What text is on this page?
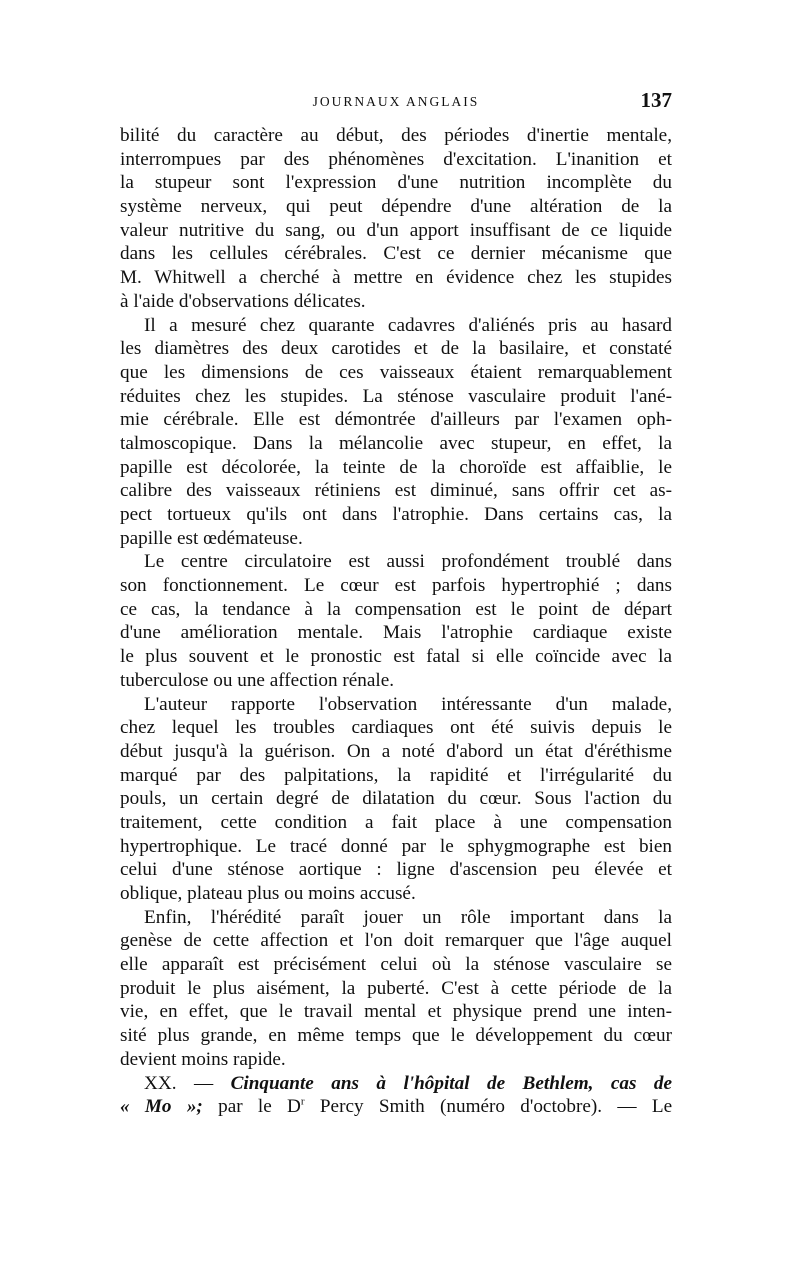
JOURNAUX ANGLAIS	137
bilité du caractère au début, des périodes d'inertie mentale,
interrompues par des phénomènes d'excitation. L'inanition et
la stupeur sont l'expression d'une nutrition incomplète du
système nerveux, qui peut dépendre d'une altération de la
valeur nutritive du sang, ou d'un apport insuffisant de ce liquide
dans les cellules cérébrales. C'est ce dernier mécanisme que
M. Whitwell a cherché à mettre en évidence chez les stupides
à l'aide d'observations délicates.
Il a mesuré chez quarante cadavres d'aliénés pris au hasard
les diamètres des deux carotides et de la basilaire, et constaté
que les dimensions de ces vaisseaux étaient remarquablement
réduites chez les stupides. La sténose vasculaire produit l'ané-
mie cérébrale. Elle est démontrée d'ailleurs par l'examen oph-
talmoscopique. Dans la mélancolie avec stupeur, en effet, la
papille est décolorée, la teinte de la choroïde est affaiblie, le
calibre des vaisseaux rétiniens est diminué, sans offrir cet as-
pect tortueux qu'ils ont dans l'atrophie. Dans certains cas, la
papille est œdémateuse.
Le centre circulatoire est aussi profondément troublé dans
son fonctionnement. Le cœur est parfois hypertrophié ; dans
ce cas, la tendance à la compensation est le point de départ
d'une amélioration mentale. Mais l'atrophie cardiaque existe
le plus souvent et le pronostic est fatal si elle coïncide avec la
tuberculose ou une affection rénale.
L'auteur rapporte l'observation intéressante d'un malade,
chez lequel les troubles cardiaques ont été suivis depuis le
début jusqu'à la guérison. On a noté d'abord un état d'éréthisme
marqué par des palpitations, la rapidité et l'irrégularité du
pouls, un certain degré de dilatation du cœur. Sous l'action du
traitement, cette condition a fait place à une compensation
hypertrophique. Le tracé donné par le sphygmographe est bien
celui d'une sténose aortique : ligne d'ascension peu élevée et
oblique, plateau plus ou moins accusé.
Enfin, l'hérédité paraît jouer un rôle important dans la
genèse de cette affection et l'on doit remarquer que l'âge auquel
elle apparaît est précisément celui où la sténose vasculaire se
produit le plus aisément, la puberté. C'est à cette période de la
vie, en effet, que le travail mental et physique prend une inten-
sité plus grande, en même temps que le développement du cœur
devient moins rapide.
XX. — Cinquante ans à l'hôpital de Bethlem, cas de
« Mo »; par le $D^r$ Percy Smith (numéro d'octobre). — Le
